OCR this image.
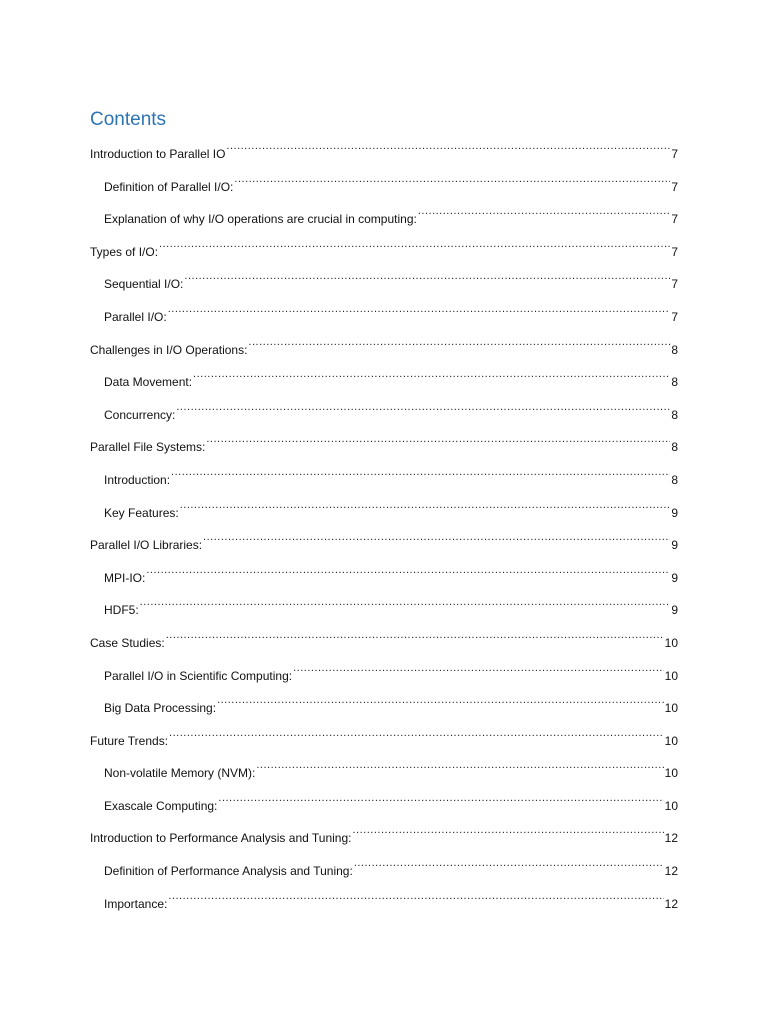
Contents
Introduction to Parallel IO .....	7
Definition of Parallel I/O: .....	7
Explanation of why I/O operations are crucial in computing: .....	7
Types of I/O: .....	7
Sequential I/O: .....	7
Parallel I/O: .....	7
Challenges in I/O Operations: .....	8
Data Movement: .....	8
Concurrency: .....	8
Parallel File Systems: .....	8
Introduction: .....	8
Key Features: .....	9
Parallel I/O Libraries: .....	9
MPI-IO: .....	9
HDF5: .....	9
Case Studies: .....	10
Parallel I/O in Scientific Computing: .....	10
Big Data Processing: .....	10
Future Trends: .....	10
Non-volatile Memory (NVM): .....	10
Exascale Computing: .....	10
Introduction to Performance Analysis and Tuning: .....	12
Definition of Performance Analysis and Tuning: .....	12
Importance: .....	12
